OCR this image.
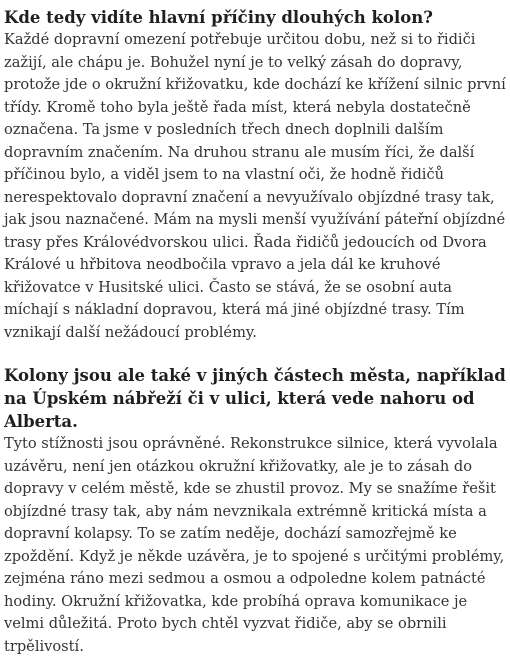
Kde tedy vidíte hlavní příčiny dlouhých kolon?

Každé dopravní omezení potřebuje určitou dobu, než si to řidiči zažijí, ale chápu je. Bohužel nyní je to velký zásah do dopravy, protože jde o okružní křižovatku, kde dochází ke křížení silnic první třídy. Kromě toho byla ještě řada míst, která nebyla dostatečně označena. Ta jsme v posledních třech dnech doplnili dalším dopravním značením. Na druhou stranu ale musím říci, že další příčinou bylo, a viděl jsem to na vlastní oči, že hodně řidičů nerespektovalo dopravní značení a nevyužívalo objízdné trasy tak, jak jsou naznačené. Mám na mysli menší využívání páteřní objízdné trasy přes Královédvorskou ulici. Řada řidičů jedoucích od Dvora Králové u hřbitova neodbočila vpravo a jela dál ke kruhové křižovatce v Husitské ulici. Často se stává, že se osobní auta míchají s nákladní dopravou, která má jiné objízdné trasy. Tím vznikají další nežádoucí problémy.

Kolony jsou ale také v jiných částech města, například na Úpském nábřeží či v ulici, která vede nahoru od Alberta.

Tyto stížnosti jsou oprávněné. Rekonstrukce silnice, která vyvolala uzávěru, není jen otázkou okružní křižovatky, ale je to zásah do dopravy v celém městě, kde se zhustil provoz. My se snažíme řešit objízdné trasy tak, aby nám nevznikala extrémně kritická místa a dopravní kolapsy. To se zatím neděje, dochází samozřejmě ke zpoždění. Když je někde uzávěra, je to spojené s určitými problémy, zejména ráno mezi sedmou a osmou a odpoledne kolem patnácté hodiny. Okružní křižovatka, kde probíhá oprava komunikace je velmi důležitá. Proto bych chtěl vyzvat řidiče, aby se obrnili trpělivostí.
